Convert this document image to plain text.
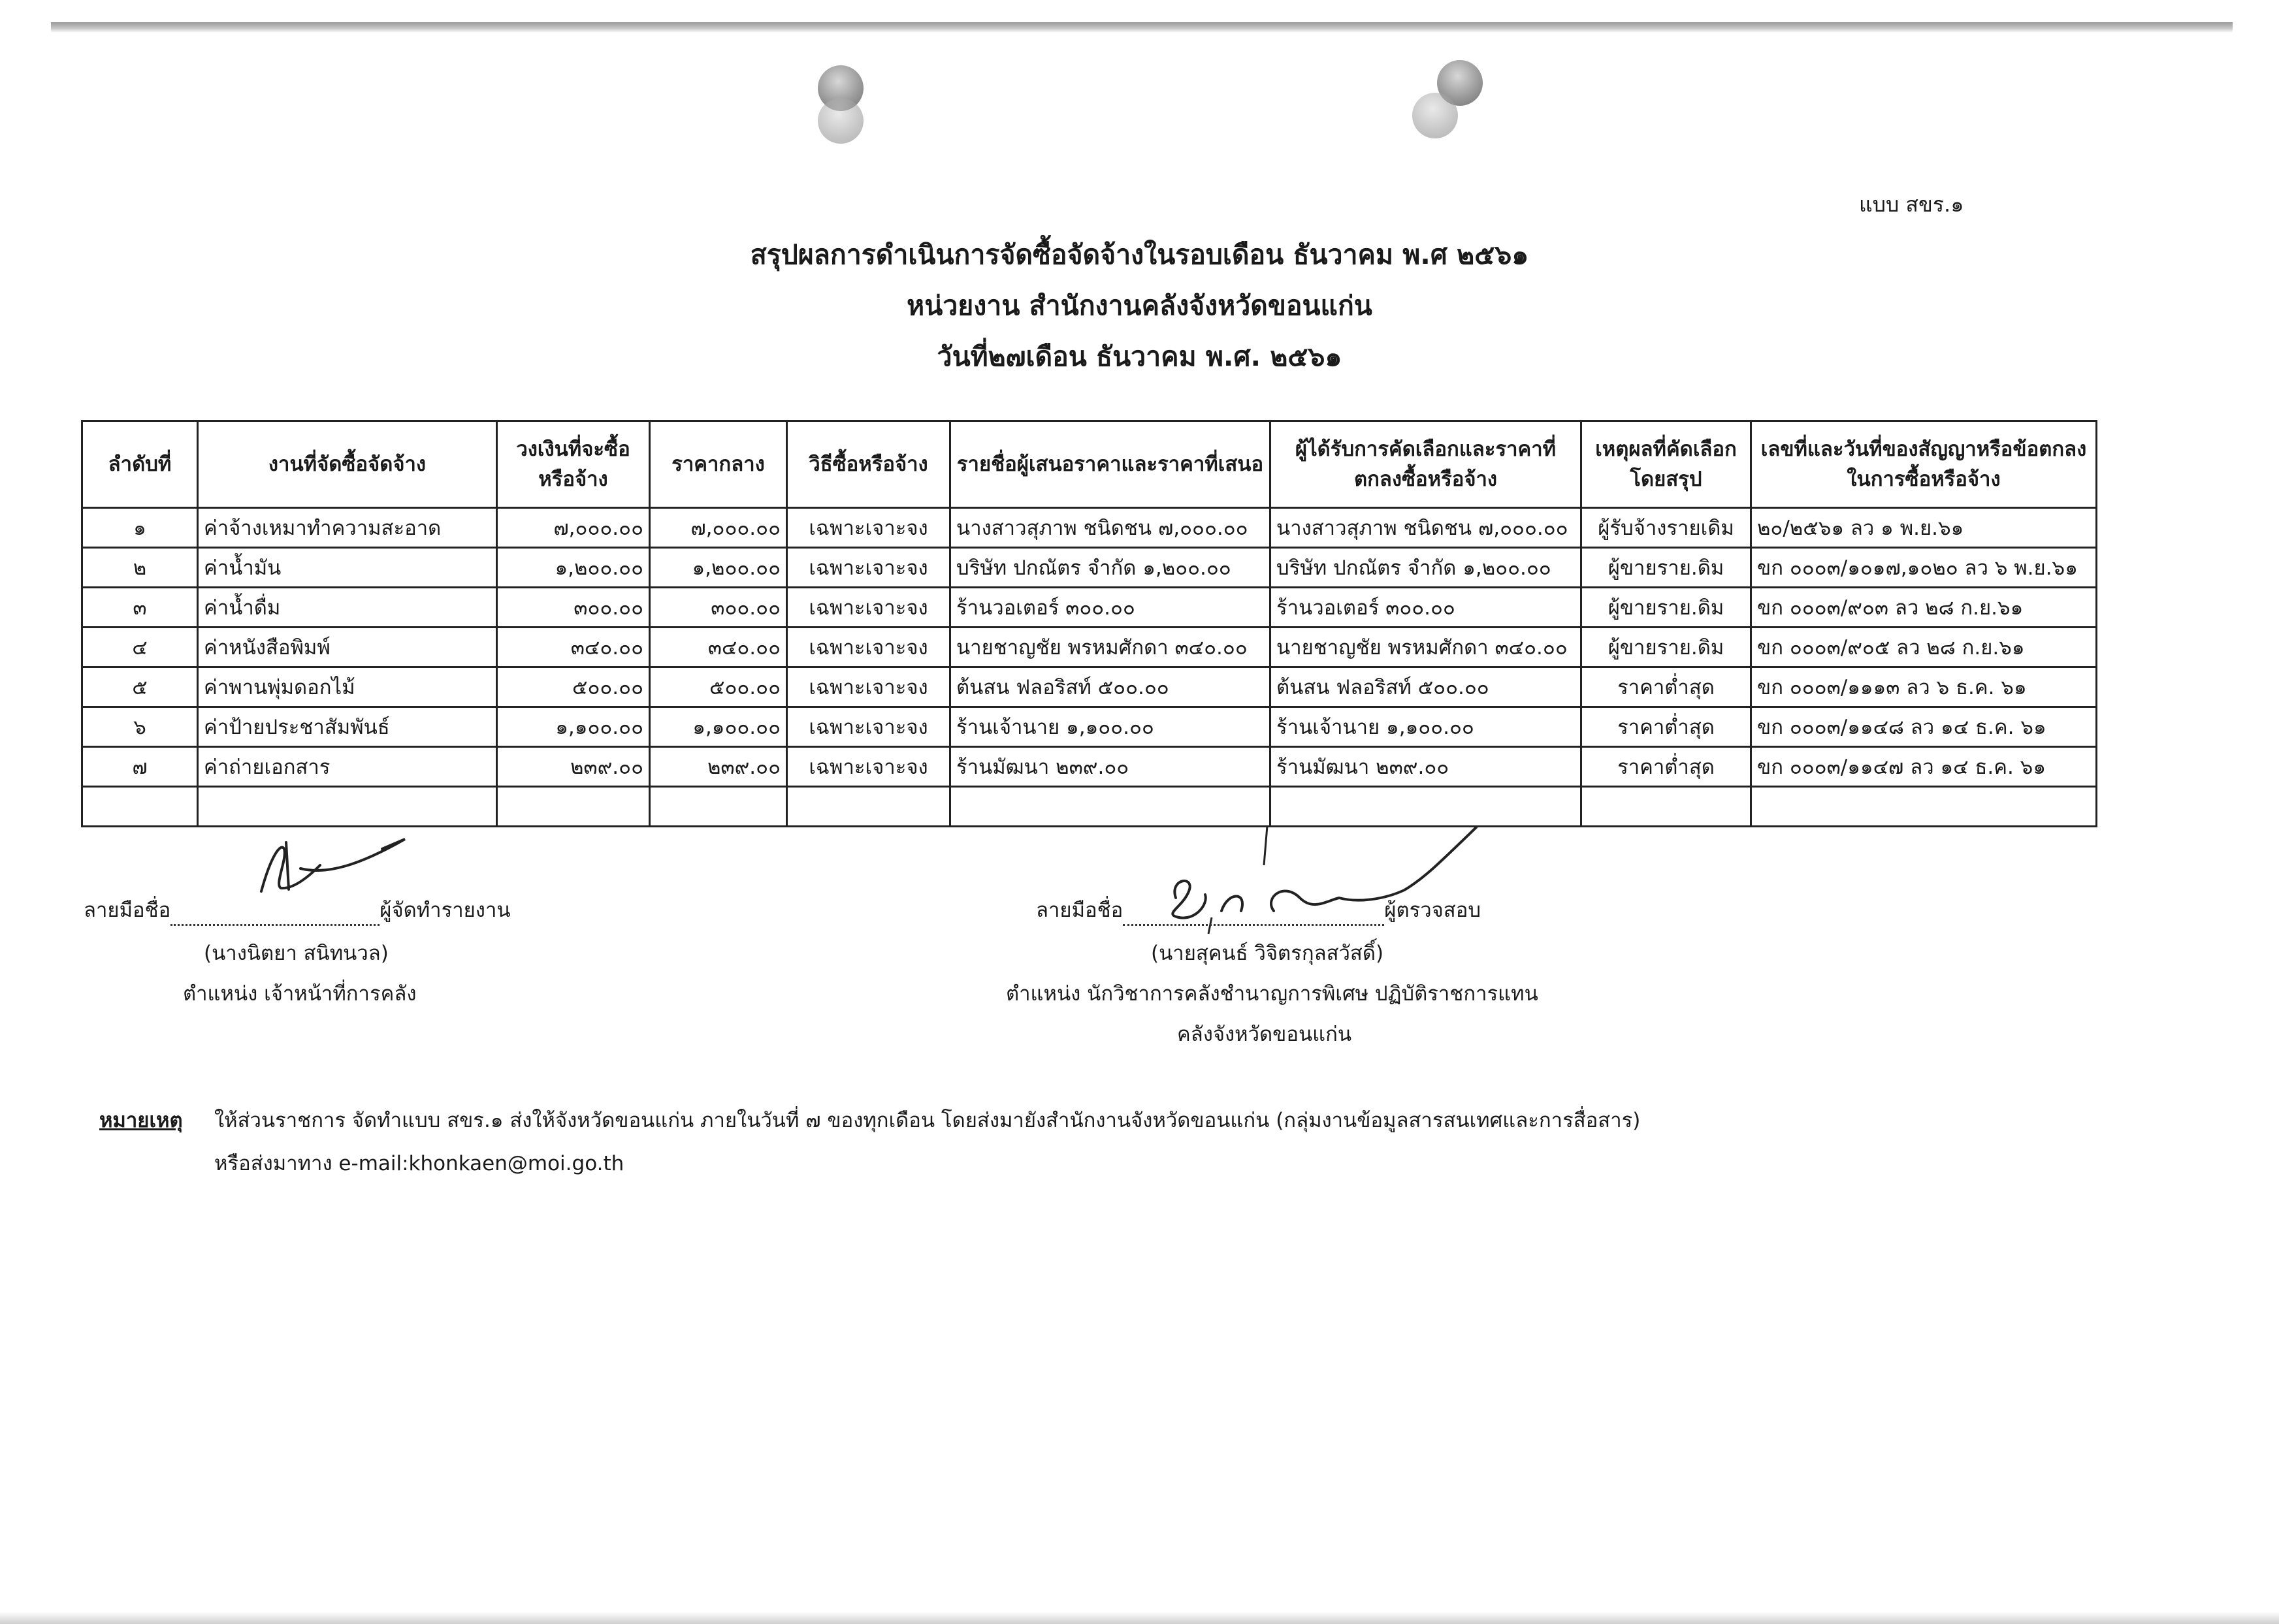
แบบ สขร.๑
สรุปผลการดำเนินการจัดซื้อจัดจ้างในรอบเดือน ธันวาคม พ.ศ ๒๕๖๑
หน่วยงาน สำนักงานคลังจังหวัดขอนแก่น
วันที่๒๗เดือน ธันวาคม พ.ศ. ๒๕๖๑
ลำดับที่	งานที่จัดซื้อจัดจ้าง	วงเงินที่จะซื้อหรือจ้าง	ราคากลาง	วิธีซื้อหรือจ้าง	รายชื่อผู้เสนอราคาและราคาที่เสนอ	ผู้ได้รับการคัดเลือกและราคาที่ตกลงซื้อหรือจ้าง	เหตุผลที่คัดเลือกโดยสรุป	เลขที่และวันที่ของสัญญาหรือข้อตกลงในการซื้อหรือจ้าง
๑	ค่าจ้างเหมาทำความสะอาด	๗,๐๐๐.๐๐	๗,๐๐๐.๐๐	เฉพาะเจาะจง	นางสาวสุภาพ ชนิดชน ๗,๐๐๐.๐๐	นางสาวสุภาพ ชนิดชน ๗,๐๐๐.๐๐	ผู้รับจ้างรายเดิม	๒๐/๒๕๖๑ ลว ๑ พ.ย.๖๑
๒	ค่าน้ำมัน	๑,๒๐๐.๐๐	๑,๒๐๐.๐๐	เฉพาะเจาะจง	บริษัท ปกณัตร จำกัด ๑,๒๐๐.๐๐	บริษัท ปกณัตร จำกัด ๑,๒๐๐.๐๐	ผู้ขายราย.ดิม	ขก ๐๐๐๓/๑๐๑๗,๑๐๒๐ ลว ๖ พ.ย.๖๑
๓	ค่าน้ำดื่ม	๓๐๐.๐๐	๓๐๐.๐๐	เฉพาะเจาะจง	ร้านวอเตอร์ ๓๐๐.๐๐	ร้านวอเตอร์ ๓๐๐.๐๐	ผู้ขายราย.ดิม	ขก ๐๐๐๓/๙๐๓ ลว ๒๘ ก.ย.๖๑
๔	ค่าหนังสือพิมพ์	๓๔๐.๐๐	๓๔๐.๐๐	เฉพาะเจาะจง	นายชาญชัย พรหมศักดา ๓๔๐.๐๐	นายชาญชัย พรหมศักดา ๓๔๐.๐๐	ผู้ขายราย.ดิม	ขก ๐๐๐๓/๙๐๕ ลว ๒๘ ก.ย.๖๑
๕	ค่าพานพุ่มดอกไม้	๕๐๐.๐๐	๕๐๐.๐๐	เฉพาะเจาะจง	ต้นสน ฟลอริสท์ ๕๐๐.๐๐	ต้นสน ฟลอริสท์ ๕๐๐.๐๐	ราคาต่ำสุด	ขก ๐๐๐๓/๑๑๑๓ ลว ๖ ธ.ค. ๖๑
๖	ค่าป้ายประชาสัมพันธ์	๑,๑๐๐.๐๐	๑,๑๐๐.๐๐	เฉพาะเจาะจง	ร้านเจ้านาย ๑,๑๐๐.๐๐	ร้านเจ้านาย ๑,๑๐๐.๐๐	ราคาต่ำสุด	ขก ๐๐๐๓/๑๑๔๘ ลว ๑๔ ธ.ค. ๖๑
๗	ค่าถ่ายเอกสาร	๒๓๙.๐๐	๒๓๙.๐๐	เฉพาะเจาะจง	ร้านมัฒนา ๒๓๙.๐๐	ร้านมัฒนา ๒๓๙.๐๐	ราคาต่ำสุด	ขก ๐๐๐๓/๑๑๔๗ ลว ๑๔ ธ.ค. ๖๑

ลายมือชื่อ	ผู้จัดทำรายงาน
(นางนิตยา สนิทนวล)
ตำแหน่ง เจ้าหน้าที่การคลัง
ลายมือชื่อ	ผู้ตรวจสอบ
(นายสุคนธ์ วิจิตรกุลสวัสดิ์)
ตำแหน่ง นักวิชาการคลังชำนาญการพิเศษ ปฏิบัติราชการแทน
คลังจังหวัดขอนแก่น
หมายเหตุ ให้ส่วนราชการ จัดทำแบบ สขร.๑ ส่งให้จังหวัดขอนแก่น ภายในวันที่ ๗ ของทุกเดือน โดยส่งมายังสำนักงานจังหวัดขอนแก่น (กลุ่มงานข้อมูลสารสนเทศและการสื่อสาร)
หรือส่งมาทาง e-mail:khonkaen@moi.go.th
